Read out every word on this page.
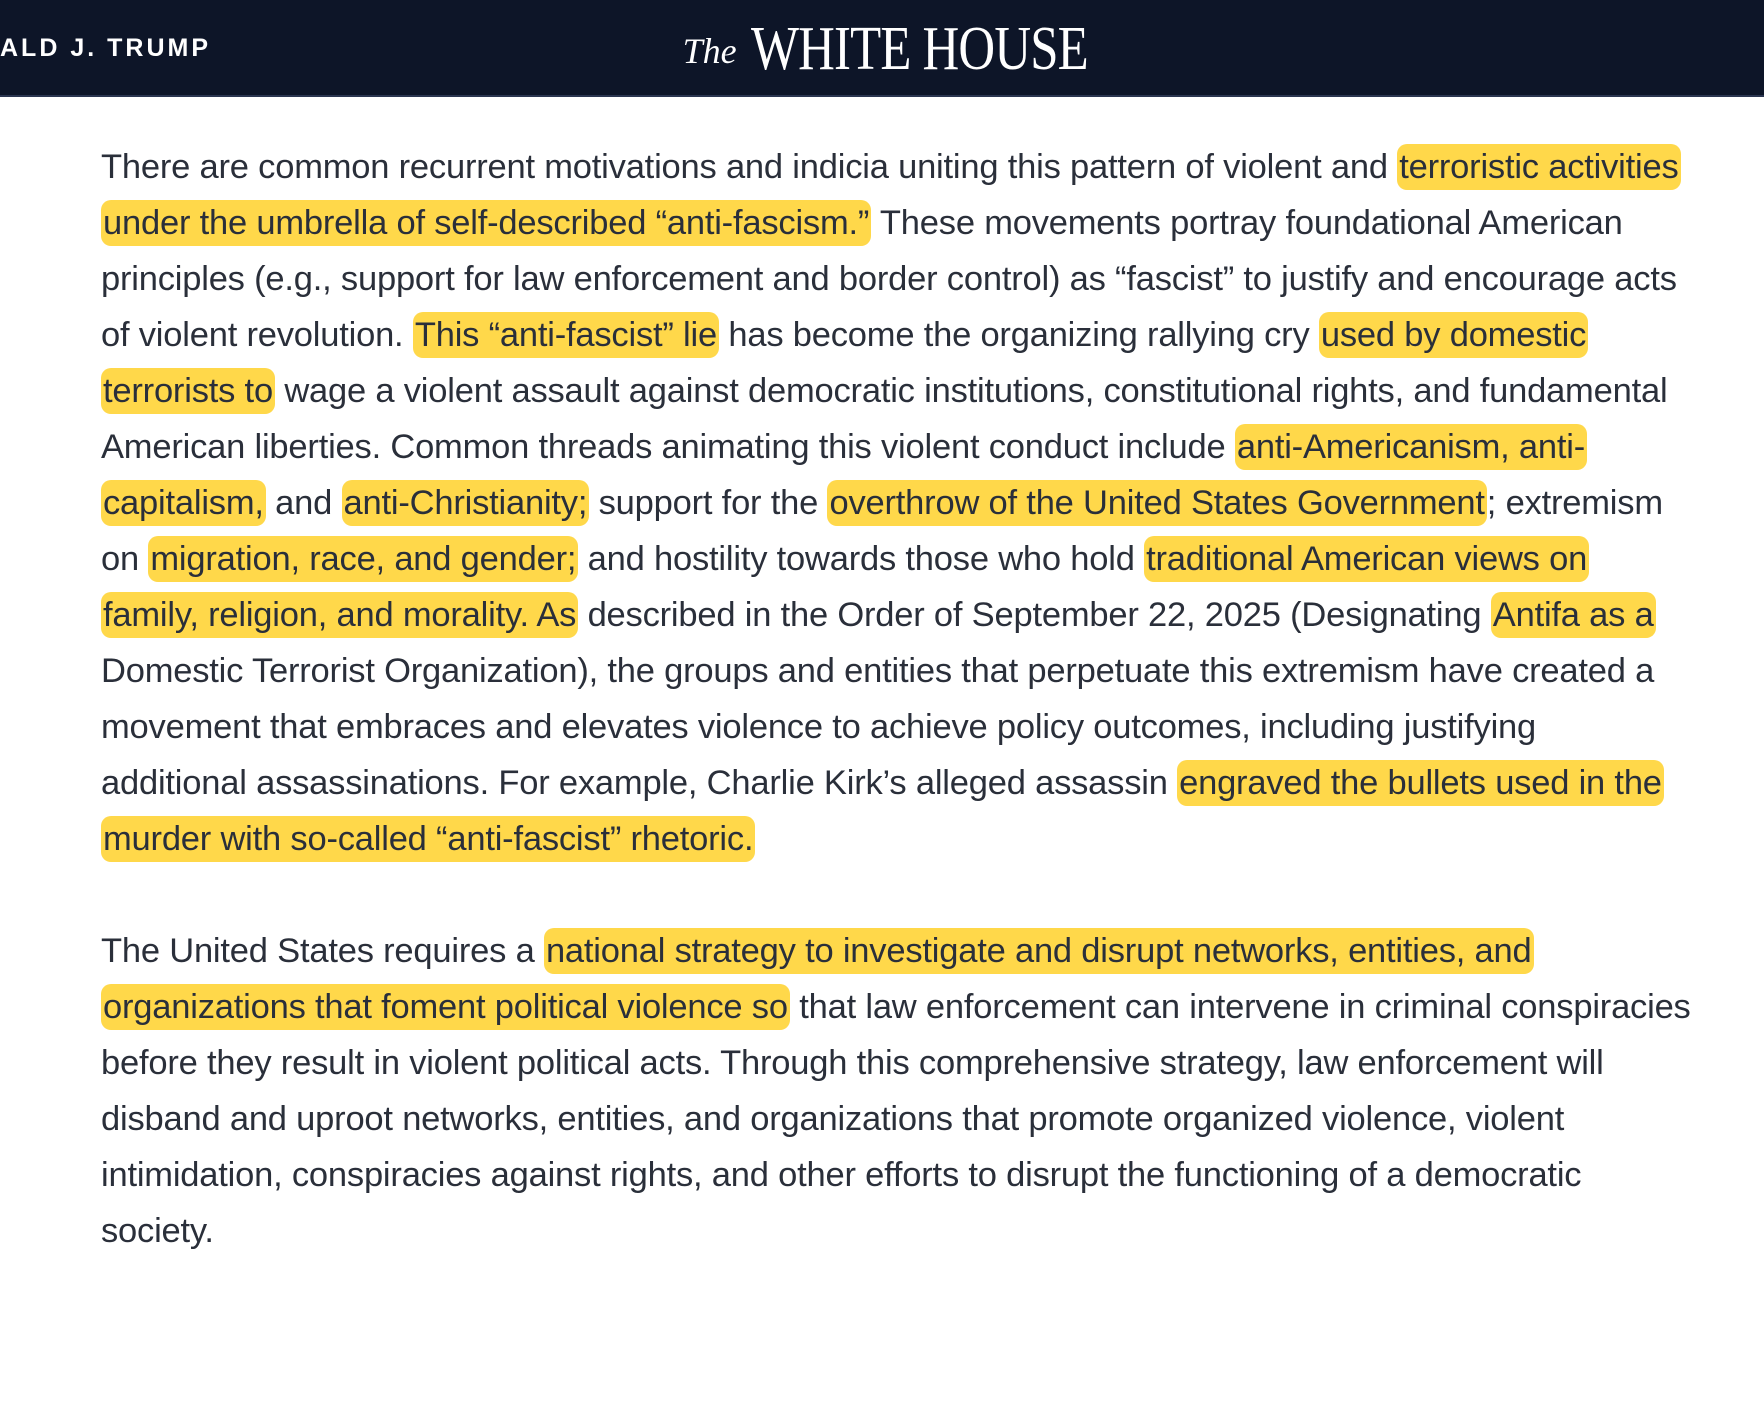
ALD J. TRUMP	The WHITE HOUSE

There are common recurrent motivations and indicia uniting this pattern of violent and terroristic activities under the umbrella of self-described “anti-fascism.” These movements portray foundational American principles (e.g., support for law enforcement and border control) as “fascist” to justify and encourage acts of violent revolution. This “anti-fascist” lie has become the organizing rallying cry used by domestic terrorists to wage a violent assault against democratic institutions, constitutional rights, and fundamental American liberties. Common threads animating this violent conduct include anti-Americanism, anti-capitalism, and anti-Christianity; support for the overthrow of the United States Government; extremism on migration, race, and gender; and hostility towards those who hold traditional American views on family, religion, and morality. As described in the Order of September 22, 2025 (Designating Antifa as a Domestic Terrorist Organization), the groups and entities that perpetuate this extremism have created a movement that embraces and elevates violence to achieve policy outcomes, including justifying additional assassinations. For example, Charlie Kirk’s alleged assassin engraved the bullets used in the murder with so-called “anti-fascist” rhetoric.

The United States requires a national strategy to investigate and disrupt networks, entities, and organizations that foment political violence so that law enforcement can intervene in criminal conspiracies before they result in violent political acts. Through this comprehensive strategy, law enforcement will disband and uproot networks, entities, and organizations that promote organized violence, violent intimidation, conspiracies against rights, and other efforts to disrupt the functioning of a democratic society.
